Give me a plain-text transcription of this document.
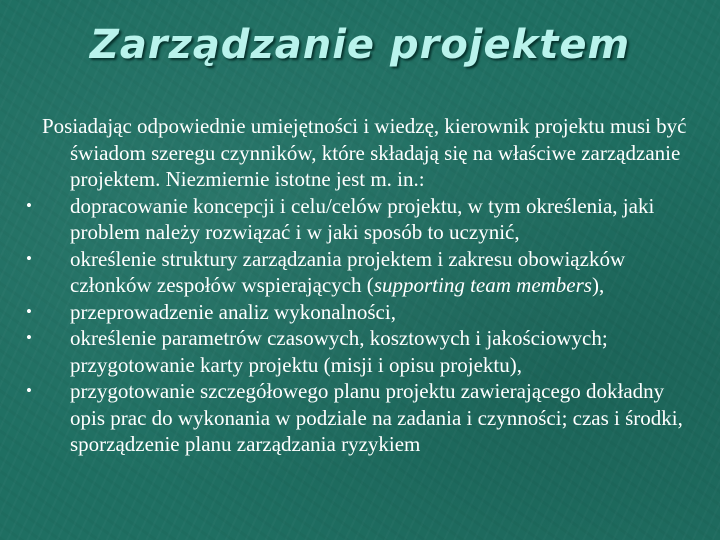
Zarządzanie projektem

Posiadając odpowiednie umiejętności i wiedzę, kierownik projektu musi być świadom szeregu czynników, które składają się na właściwe zarządzanie projektem. Niezmiernie istotne jest m. in.:

•	dopracowanie koncepcji i celu/celów projektu, w tym określenia, jaki problem należy rozwiązać i w jaki sposób to uczynić,
•	określenie struktury zarządzania projektem i zakresu obowiązków członków zespołów wspierających (supporting team members),
•	przeprowadzenie analiz wykonalności,
•	określenie parametrów czasowych, kosztowych i jakościowych; przygotowanie karty projektu (misji i opisu projektu),
•	przygotowanie szczegółowego planu projektu zawierającego dokładny opis prac do wykonania w podziale na zadania i czynności; czas i środki, sporządzenie planu zarządzania ryzykiem
